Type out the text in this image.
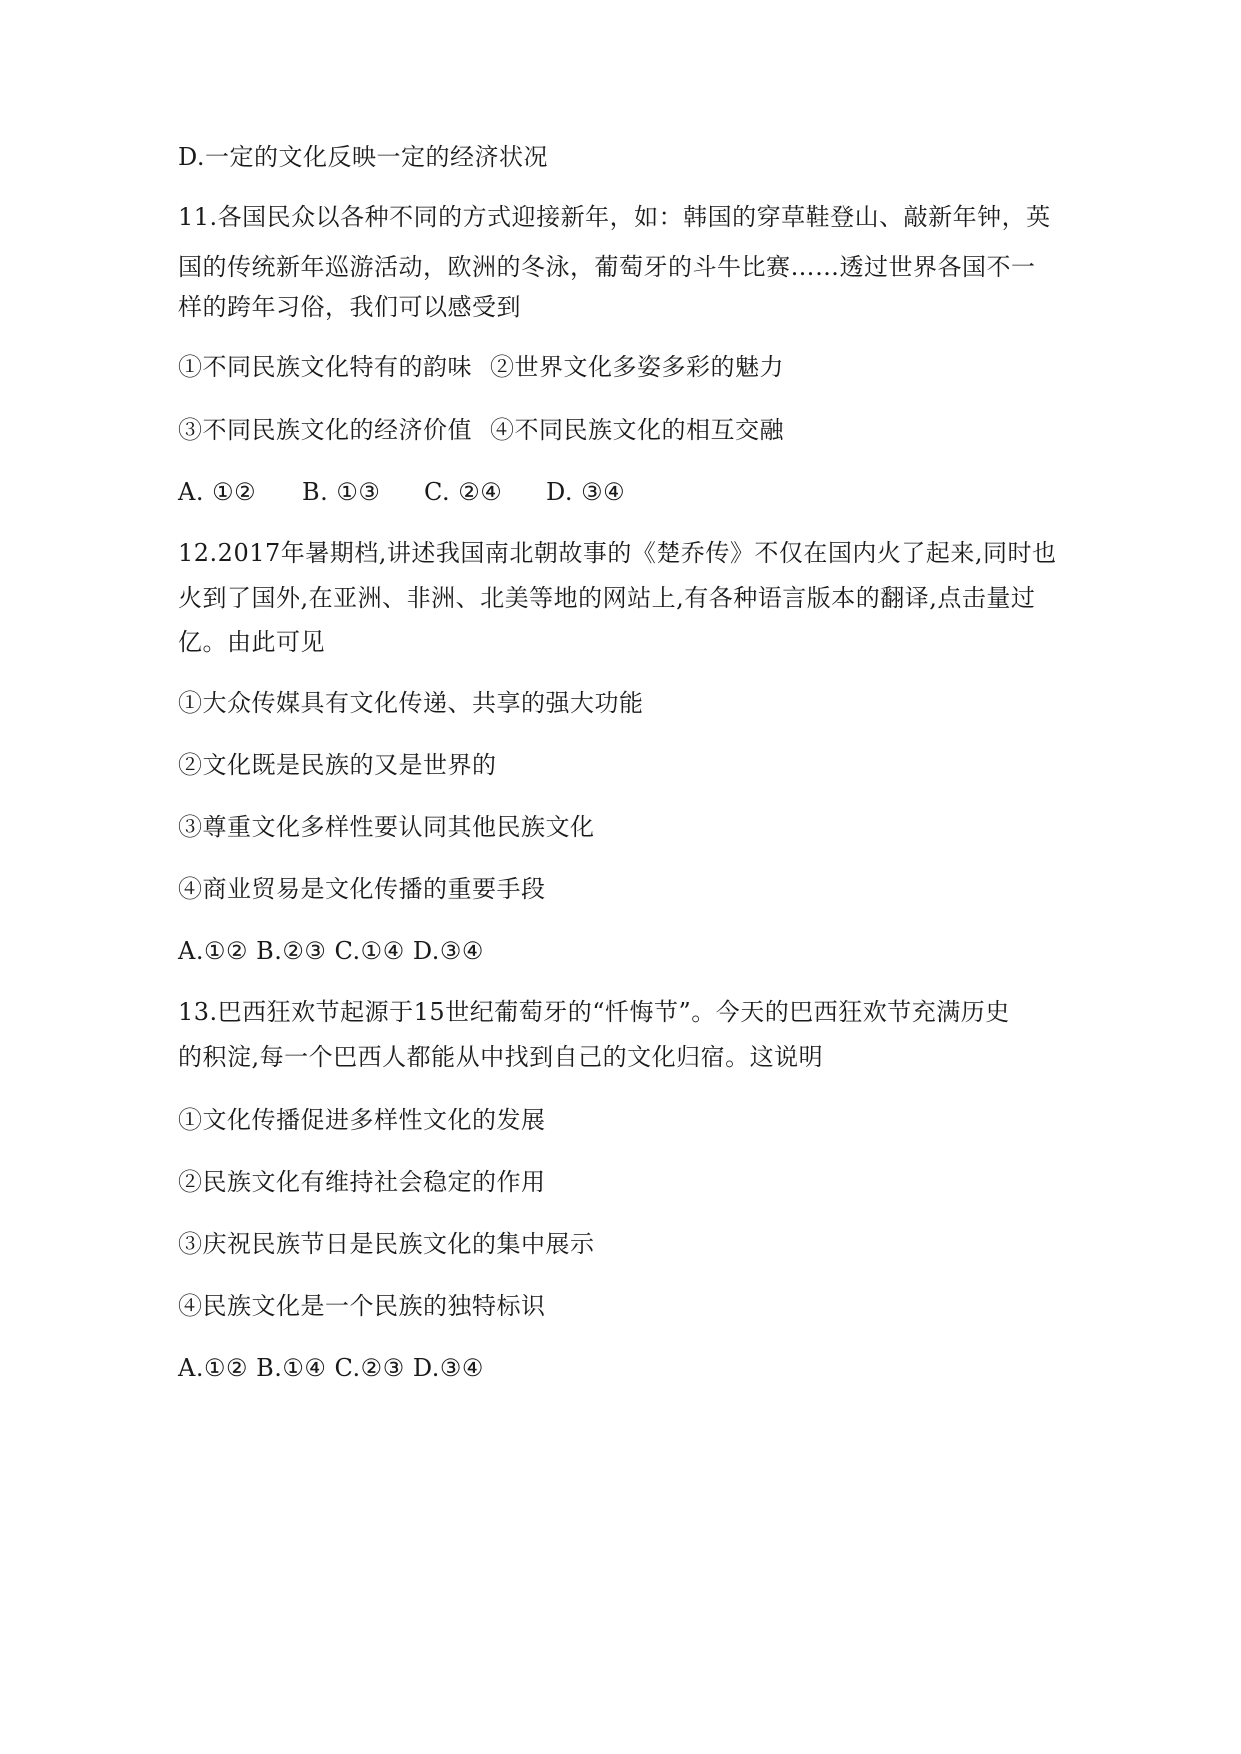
D.一定的文化反映一定的经济状况
11.各国民众以各种不同的方式迎接新年，如：韩国的穿草鞋登山、敲新年钟，英
国的传统新年巡游活动，欧洲的冬泳，葡萄牙的斗牛比赛……透过世界各国不一
样的跨年习俗，我们可以感受到
①不同民族文化特有的韵味 ②世界文化多姿多彩的魅力
③不同民族文化的经济价值 ④不同民族文化的相互交融
A. ①② B. ①③ C. ②④ D. ③④
12.2017年暑期档,讲述我国南北朝故事的《楚乔传》不仅在国内火了起来,同时也
火到了国外,在亚洲、非洲、北美等地的网站上,有各种语言版本的翻译,点击量过
亿。由此可见
①大众传媒具有文化传递、共享的强大功能
②文化既是民族的又是世界的
③尊重文化多样性要认同其他民族文化
④商业贸易是文化传播的重要手段
A.①② B.②③ C.①④ D.③④
13.巴西狂欢节起源于15世纪葡萄牙的“忏悔节”。今天的巴西狂欢节充满历史
的积淀,每一个巴西人都能从中找到自己的文化归宿。这说明
①文化传播促进多样性文化的发展
②民族文化有维持社会稳定的作用
③庆祝民族节日是民族文化的集中展示
④民族文化是一个民族的独特标识
A.①② B.①④ C.②③ D.③④
